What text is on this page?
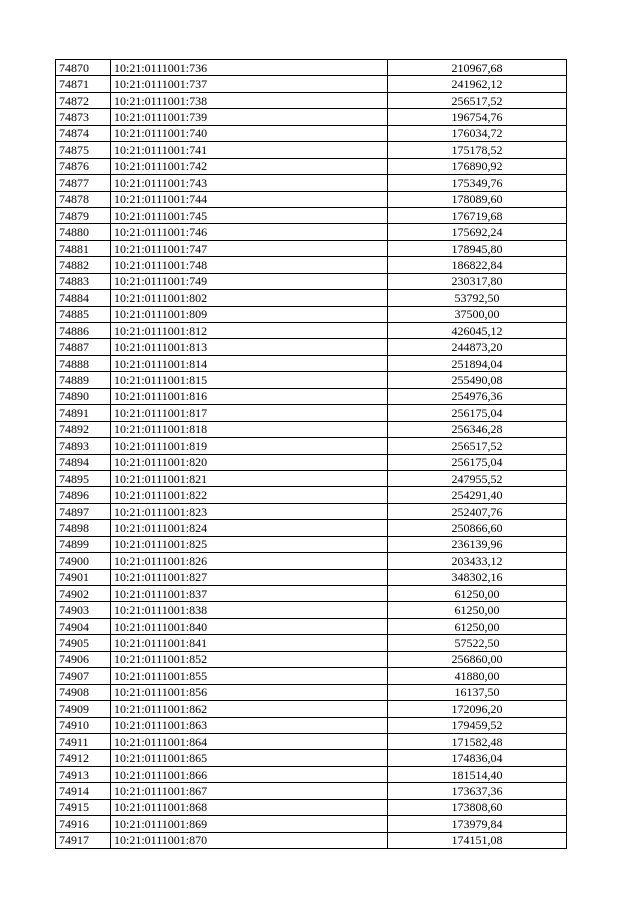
74870	10:21:0111001:736	210967,68
74871	10:21:0111001:737	241962,12
74872	10:21:0111001:738	256517,52
74873	10:21:0111001:739	196754,76
74874	10:21:0111001:740	176034,72
74875	10:21:0111001:741	175178,52
74876	10:21:0111001:742	176890,92
74877	10:21:0111001:743	175349,76
74878	10:21:0111001:744	178089,60
74879	10:21:0111001:745	176719,68
74880	10:21:0111001:746	175692,24
74881	10:21:0111001:747	178945,80
74882	10:21:0111001:748	186822,84
74883	10:21:0111001:749	230317,80
74884	10:21:0111001:802	53792,50
74885	10:21:0111001:809	37500,00
74886	10:21:0111001:812	426045,12
74887	10:21:0111001:813	244873,20
74888	10:21:0111001:814	251894,04
74889	10:21:0111001:815	255490,08
74890	10:21:0111001:816	254976,36
74891	10:21:0111001:817	256175,04
74892	10:21:0111001:818	256346,28
74893	10:21:0111001:819	256517,52
74894	10:21:0111001:820	256175,04
74895	10:21:0111001:821	247955,52
74896	10:21:0111001:822	254291,40
74897	10:21:0111001:823	252407,76
74898	10:21:0111001:824	250866,60
74899	10:21:0111001:825	236139,96
74900	10:21:0111001:826	203433,12
74901	10:21:0111001:827	348302,16
74902	10:21:0111001:837	61250,00
74903	10:21:0111001:838	61250,00
74904	10:21:0111001:840	61250,00
74905	10:21:0111001:841	57522,50
74906	10:21:0111001:852	256860,00
74907	10:21:0111001:855	41880,00
74908	10:21:0111001:856	16137,50
74909	10:21:0111001:862	172096,20
74910	10:21:0111001:863	179459,52
74911	10:21:0111001:864	171582,48
74912	10:21:0111001:865	174836,04
74913	10:21:0111001:866	181514,40
74914	10:21:0111001:867	173637,36
74915	10:21:0111001:868	173808,60
74916	10:21:0111001:869	173979,84
74917	10:21:0111001:870	174151,08
